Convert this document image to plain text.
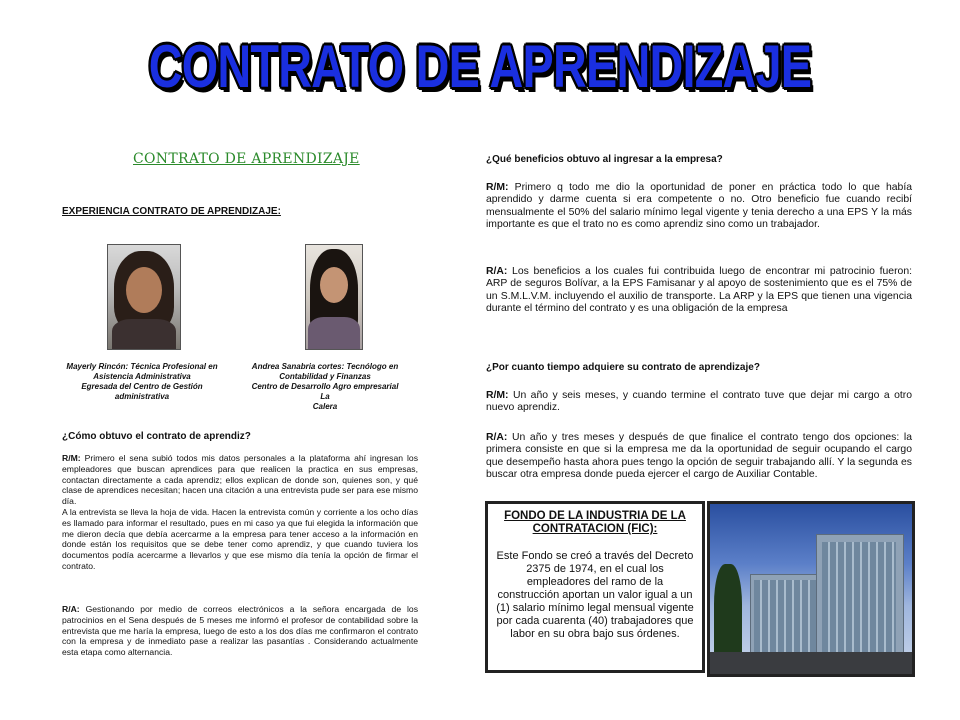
CONTRATO DE APRENDIZAJE
CONTRATO DE APRENDIZAJE
EXPERIENCIA CONTRATO DE APRENDIZAJE:
Mayerly Rincón: Técnica Profesional en
Asistencia Administrativa
Egresada del Centro de Gestión
administrativa
Andrea Sanabria cortes: Tecnólogo en
Contabilidad y Finanzas
Centro de Desarrollo Agro empresarial La
Calera
¿Cómo obtuvo el contrato de aprendiz?
R/M: Primero el sena subió todos mis datos personales a la plataforma ahí ingresan los empleadores que buscan aprendices para que realicen la practica en sus empresas, contactan directamente a cada aprendiz; ellos explican de donde son, quienes son, y qué clase de aprendices necesitan; hacen una citación a una entrevista pude ser para ese mismo día.
A la entrevista se lleva la hoja de vida. Hacen la entrevista común y corriente a los ocho días es llamado para informar el resultado, pues en mi caso ya que fui elegida la información que me dieron decía que debía acercarme a la empresa para tener acceso a la información en donde están los requisitos que se debe tener como aprendiz, y que cuando tuviera los documentos podía acercarme a llevarlos y que ese mismo día tenía la opción de firmar el contrato.
R/A: Gestionando por medio de correos electrónicos a la señora encargada de los patrocinios en el Sena después de 5 meses me informó el profesor de contabilidad sobre la entrevista que me haría la empresa, luego de esto a los dos días me confirmaron el contrato con la empresa y de inmediato pase a realizar las pasantías . Considerando actualmente esta etapa como alternancia.
¿Qué beneficios obtuvo al ingresar a la empresa?
R/M: Primero q todo me dio la oportunidad de poner en práctica todo lo que había aprendido y darme cuenta si era competente o no. Otro beneficio fue cuando recibí mensualmente el 50% del salario mínimo legal vigente y tenia derecho a una EPS Y la más importante es que el trato no es como aprendiz sino como un trabajador.
R/A: Los beneficios a los cuales fui contribuida luego de encontrar mi patrocinio fueron: ARP de seguros Bolívar, a la EPS Famisanar y al apoyo de sostenimiento que es el 75% de un S.M.L.V.M. incluyendo el auxilio de transporte. La ARP y la EPS que tienen una vigencia durante el término del contrato y es una obligación de la empresa
¿Por cuanto tiempo adquiere su contrato de aprendizaje?
R/M: Un año y seis meses, y cuando termine el contrato tuve que dejar mi cargo a otro nuevo aprendiz.
R/A: Un año y tres meses y después de que finalice el contrato tengo dos opciones: la primera consiste en que si la empresa me da la oportunidad de seguir ocupando el cargo que desempeño hasta ahora pues tengo la opción de seguir trabajando allí. Y la segunda es buscar otra empresa donde pueda ejercer el cargo de Auxiliar Contable.
FONDO DE LA INDUSTRIA DE LA CONTRATACION (FIC):
Este Fondo se creó a través del Decreto 2375 de 1974, en el cual los empleadores del ramo de la construcción aportan un valor igual a un (1) salario mínimo legal mensual vigente por cada cuarenta (40) trabajadores que labor en su obra bajo sus órdenes.
